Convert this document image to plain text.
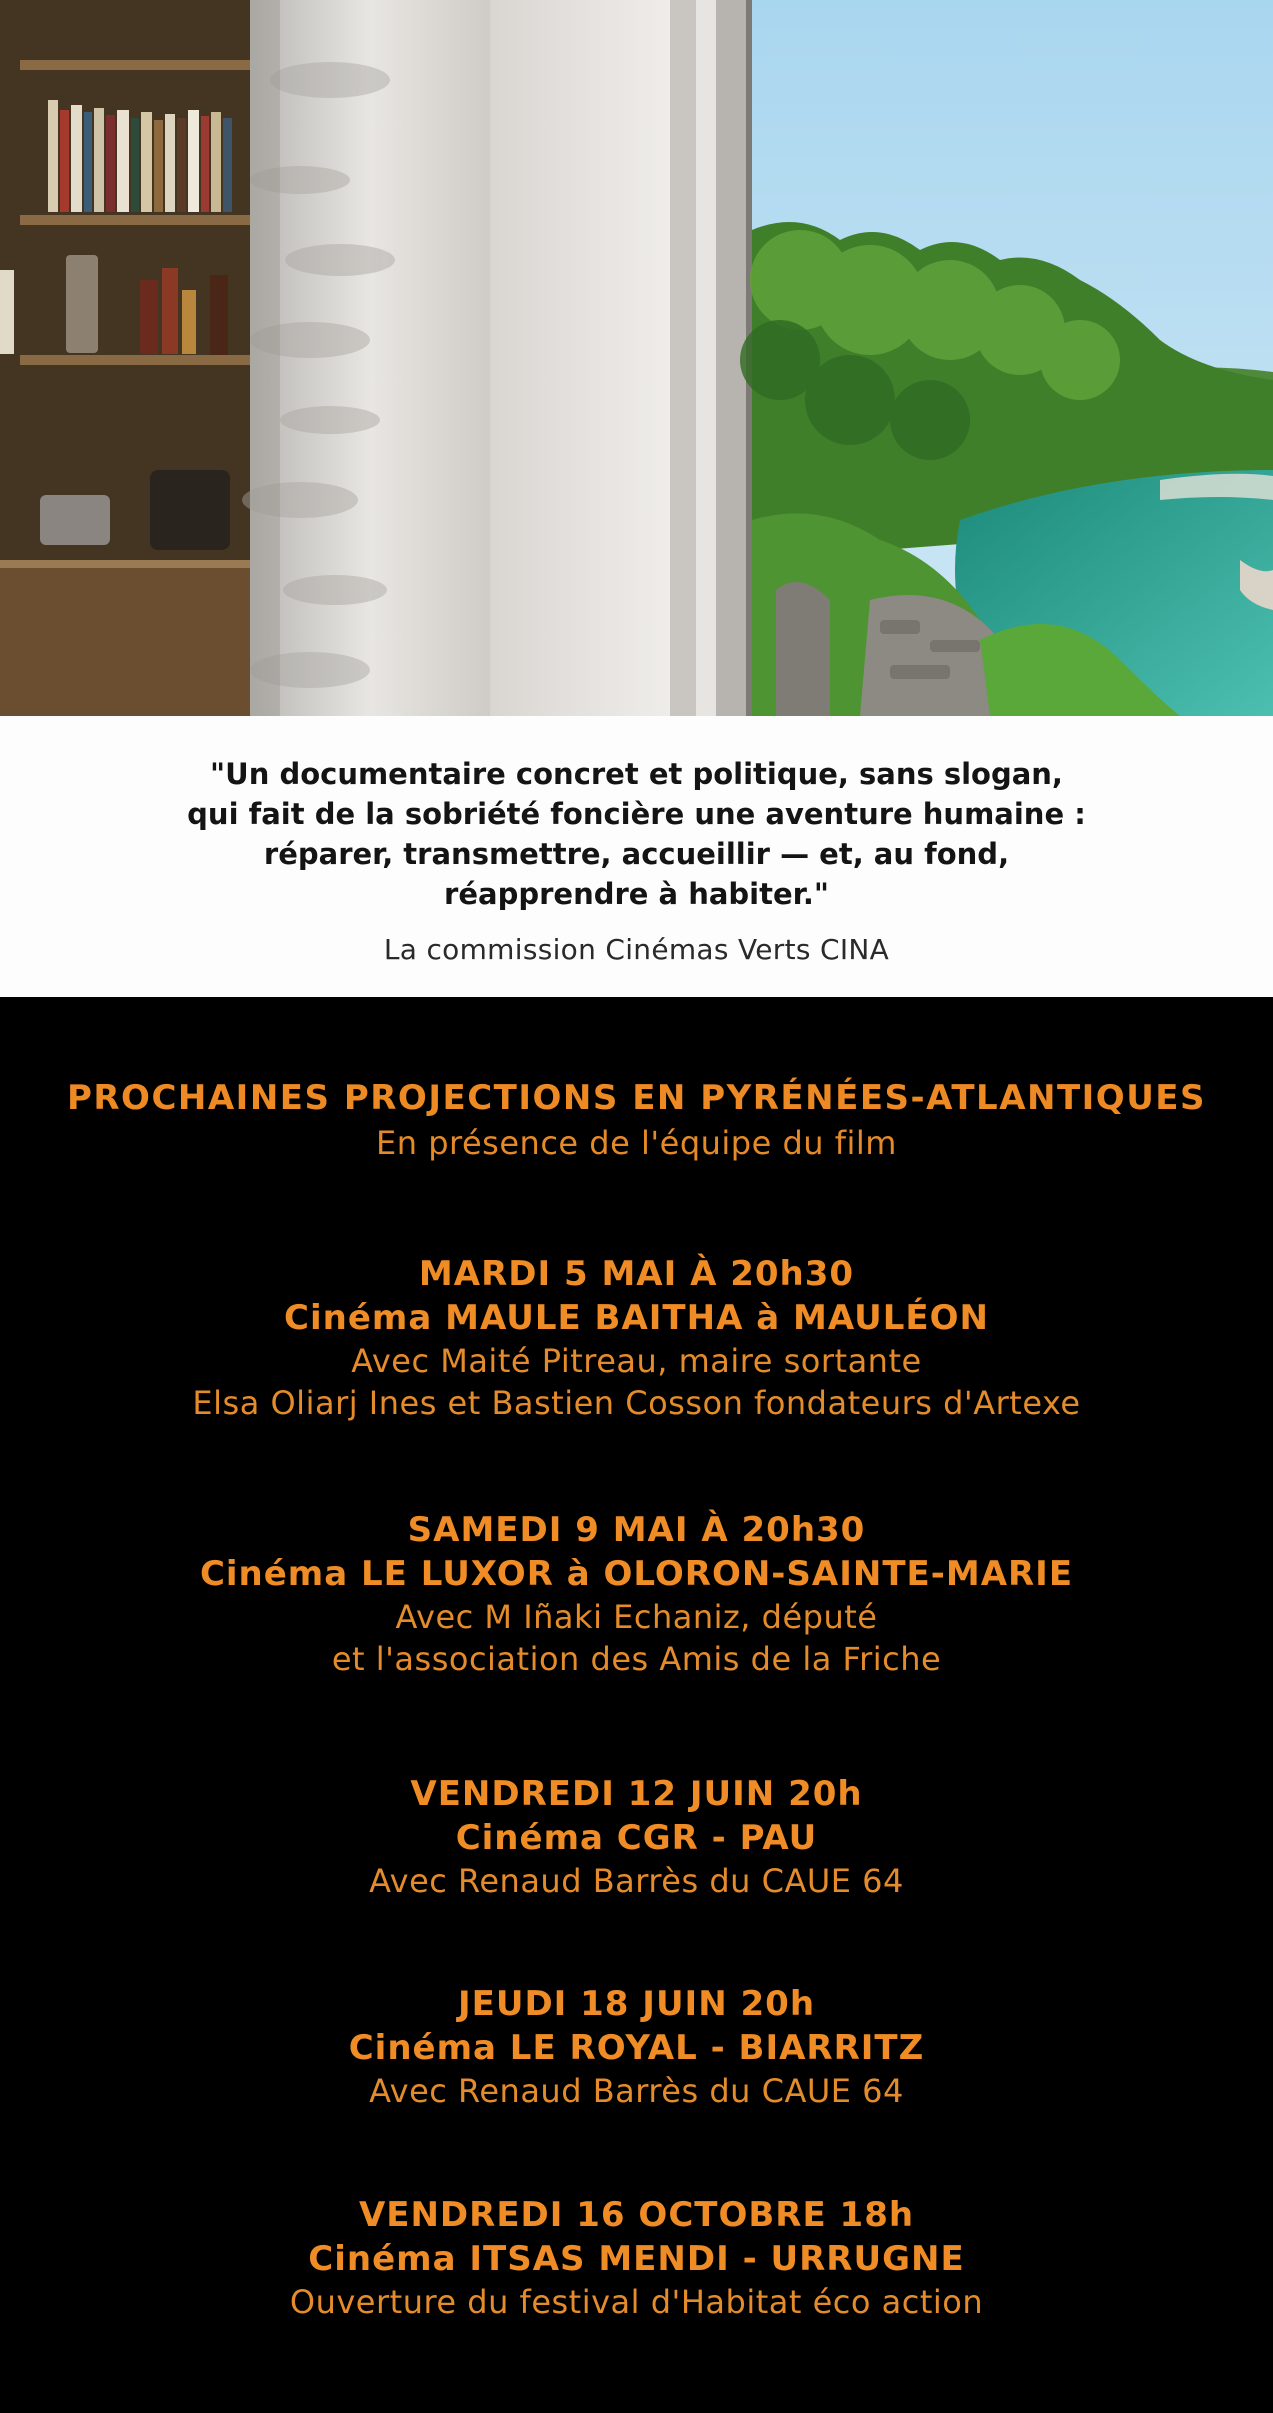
"Un documentaire concret et politique, sans slogan,
qui fait de la sobriété foncière une aventure humaine :
réparer, transmettre, accueillir — et, au fond,
réapprendre à habiter."

La commission Cinémas Verts CINA
PROCHAINES PROJECTIONS EN PYRÉNÉES-ATLANTIQUES
En présence de l'équipe du film
MARDI 5 MAI À 20h30
Cinéma MAULE BAITHA à MAULÉON
Avec Maité Pitreau, maire sortante
Elsa Oliarj Ines et Bastien Cosson fondateurs d'Artexe
SAMEDI 9 MAI À 20h30
Cinéma LE LUXOR à OLORON-SAINTE-MARIE
Avec M Iñaki Echaniz, député
et l'association des Amis de la Friche
VENDREDI 12 JUIN 20h
Cinéma CGR - PAU
Avec Renaud Barrès du CAUE 64
JEUDI 18 JUIN 20h
Cinéma LE ROYAL - BIARRITZ
Avec Renaud Barrès du CAUE 64
VENDREDI 16 OCTOBRE 18h
Cinéma ITSAS MENDI - URRUGNE
Ouverture du festival d'Habitat éco action
